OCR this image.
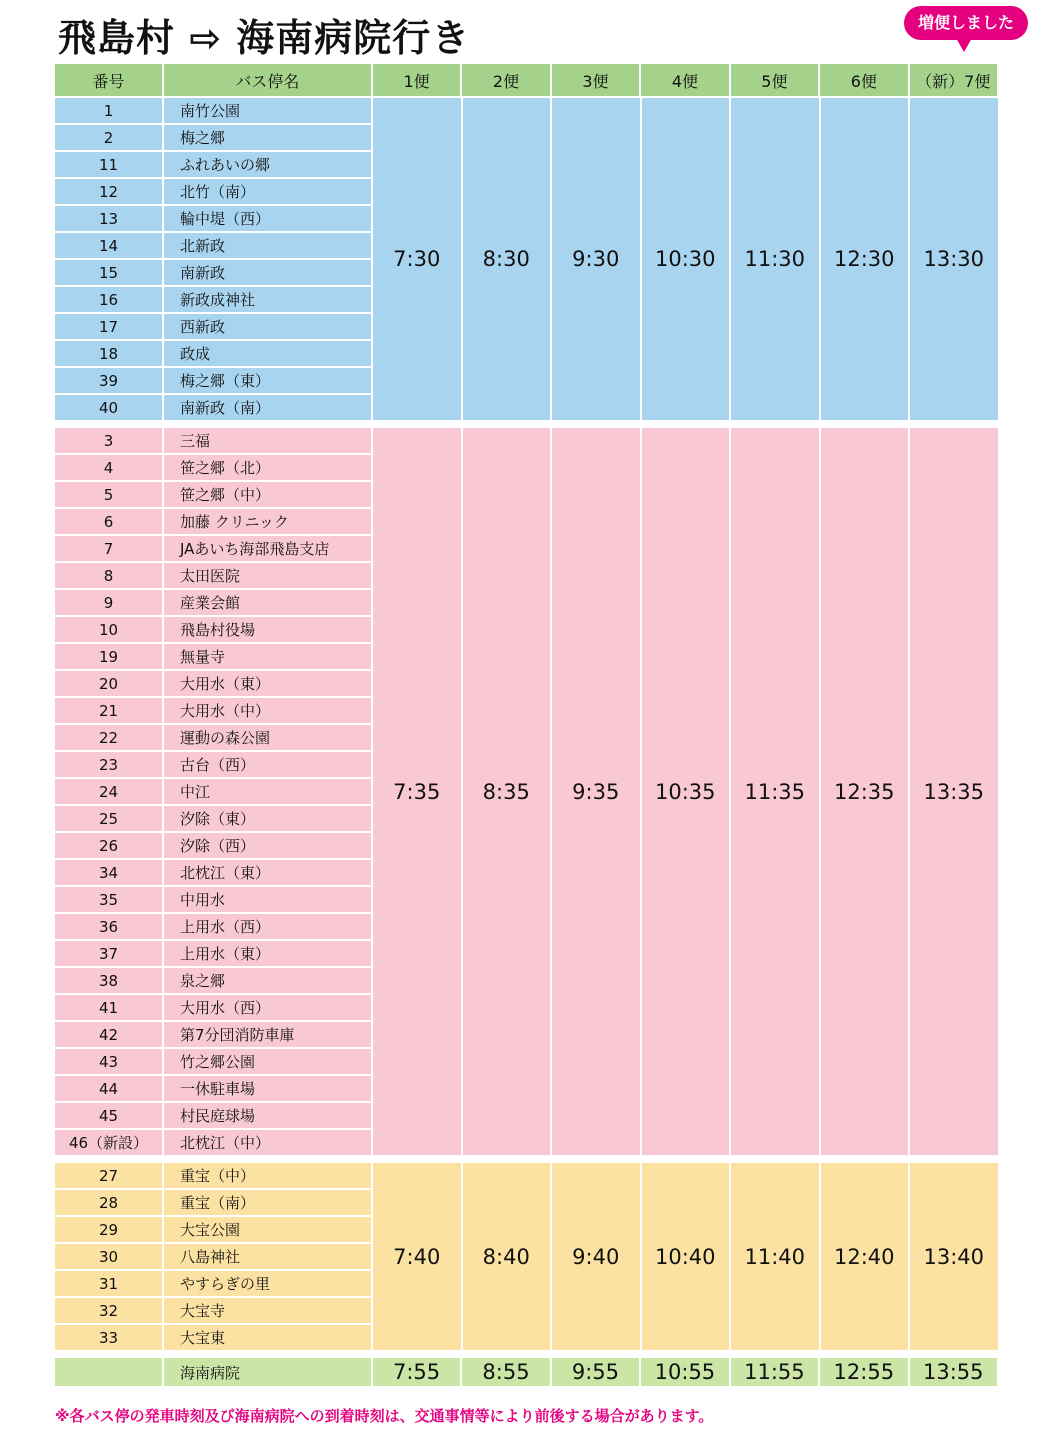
飛島村 ⇨ 海南病院行き	増便しました
番号	バス停名	1便	2便	3便	4便	5便	6便	（新）7便
1	南竹公園
2	梅之郷
11	ふれあいの郷
12	北竹（南）
13	輪中堤（西）
14	北新政
15	南新政
16	新政成神社
17	西新政
18	政成
39	梅之郷（東）
40	南新政（南）
7:30	8:30	9:30	10:30	11:30	12:30	13:30
3	三福
4	笹之郷（北）
5	笹之郷（中）
6	加藤 クリニック
7	JAあいち海部飛島支店
8	太田医院
9	産業会館
10	飛島村役場
19	無量寺
20	大用水（東）
21	大用水（中）
22	運動の森公園
23	古台（西）
24	中江
25	汐除（東）
26	汐除（西）
34	北枕江（東）
35	中用水
36	上用水（西）
37	上用水（東）
38	泉之郷
41	大用水（西）
42	第7分団消防車庫
43	竹之郷公園
44	一休駐車場
45	村民庭球場
46（新設）	北枕江（中）
7:35	8:35	9:35	10:35	11:35	12:35	13:35
27	重宝（中）
28	重宝（南）
29	大宝公園
30	八島神社
31	やすらぎの里
32	大宝寺
33	大宝東
7:40	8:40	9:40	10:40	11:40	12:40	13:40
海南病院	7:55	8:55	9:55	10:55	11:55	12:55	13:55
※各バス停の発車時刻及び海南病院への到着時刻は、交通事情等により前後する場合があります。
